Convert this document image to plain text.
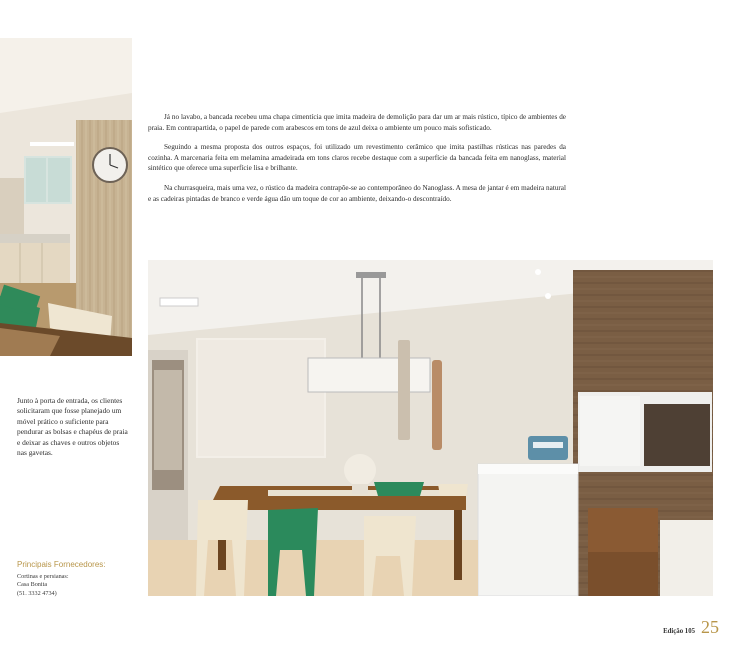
Já no lavabo, a bancada recebeu uma chapa cimentícia que imita madeira de demolição para dar um ar mais rústico, típico de ambientes de praia. Em contrapartida, o papel de parede com arabescos em tons de azul deixa o ambiente um pouco mais sofisticado.

Seguindo a mesma proposta dos outros espaços, foi utilizado um revestimento cerâmico que imita pastilhas rústicas nas paredes da cozinha. A marcenaria feita em melamina amadeirada em tons claros recebe destaque com a superfície da bancada feita em nanoglass, material sintético que oferece uma superfície lisa e brilhante.

Na churrasqueira, mais uma vez, o rústico da madeira contrapõe-se ao contemporâneo do Nanoglass. A mesa de jantar é em madeira natural e as cadeiras pintadas de branco e verde água dão um toque de cor ao ambiente, deixando-o descontraído.

Junto à porta de entrada, os clientes solicitaram que fosse planejado um móvel prático o suficiente para pendurar as bolsas e chapéus de praia e deixar as chaves e outros objetos nas gavetas.
Principais Fornecedores:
Cortinas e persianas:
Casa Bonita
(51. 3332 4734)
Edição 105 25
